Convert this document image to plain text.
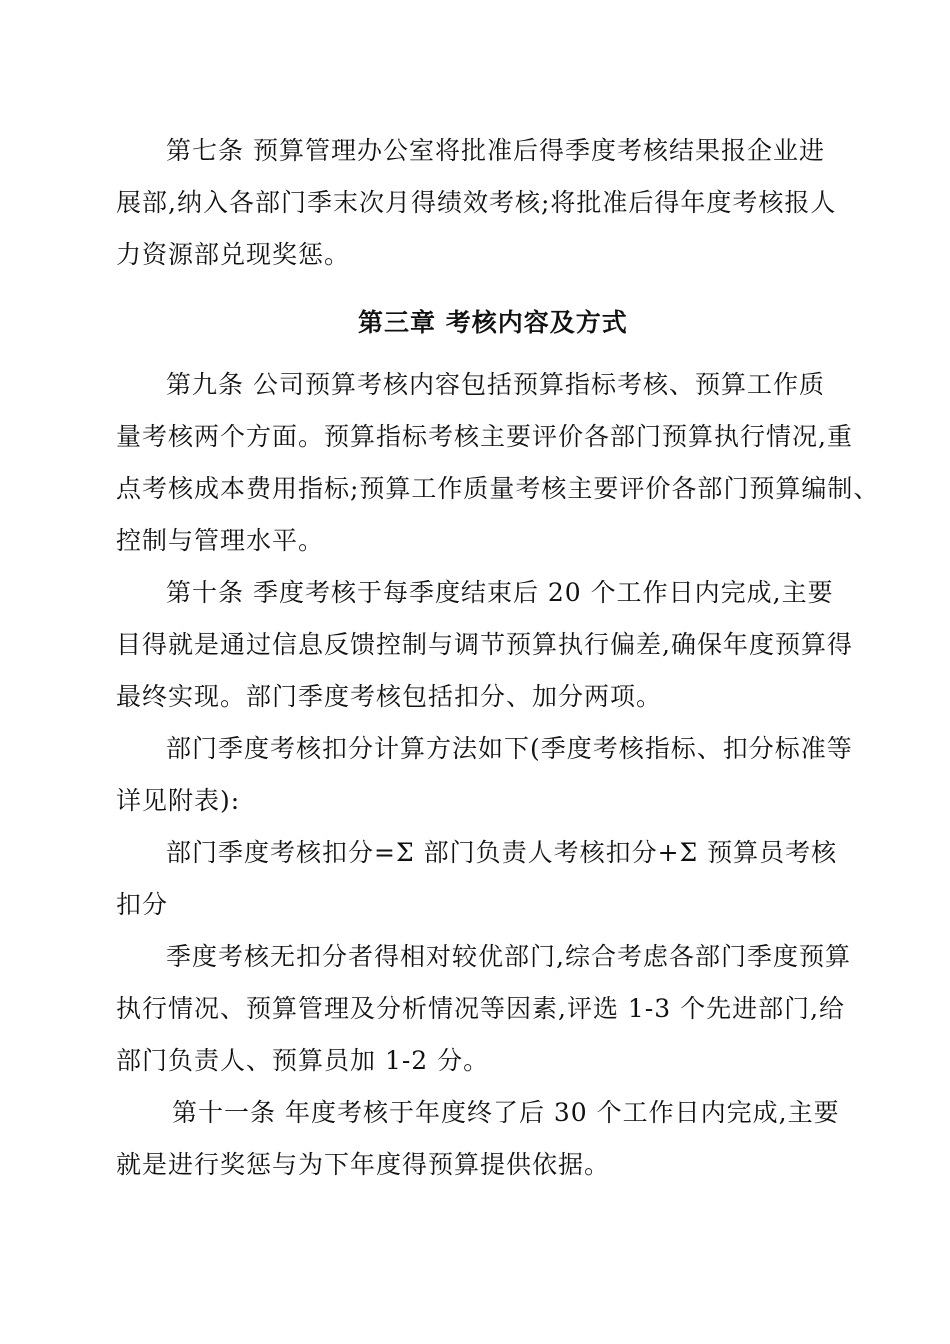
第七条 预算管理办公室将批准后得季度考核结果报企业进
展部,纳入各部门季末次月得绩效考核;将批准后得年度考核报人
力资源部兑现奖惩。
第三章 考核内容及方式
第九条 公司预算考核内容包括预算指标考核、预算工作质
量考核两个方面。预算指标考核主要评价各部门预算执行情况,重
点考核成本费用指标;预算工作质量考核主要评价各部门预算编制、
控制与管理水平。
第十条 季度考核于每季度结束后 20 个工作日内完成,主要
目得就是通过信息反馈控制与调节预算执行偏差,确保年度预算得
最终实现。部门季度考核包括扣分、加分两项。
部门季度考核扣分计算方法如下(季度考核指标、扣分标准等
详见附表):
部门季度考核扣分=Σ 部门负责人考核扣分+Σ 预算员考核
扣分
季度考核无扣分者得相对较优部门,综合考虑各部门季度预算
执行情况、预算管理及分析情况等因素,评选 1-3 个先进部门,给
部门负责人、预算员加 1-2 分。
第十一条 年度考核于年度终了后 30 个工作日内完成,主要
就是进行奖惩与为下年度得预算提供依据。
